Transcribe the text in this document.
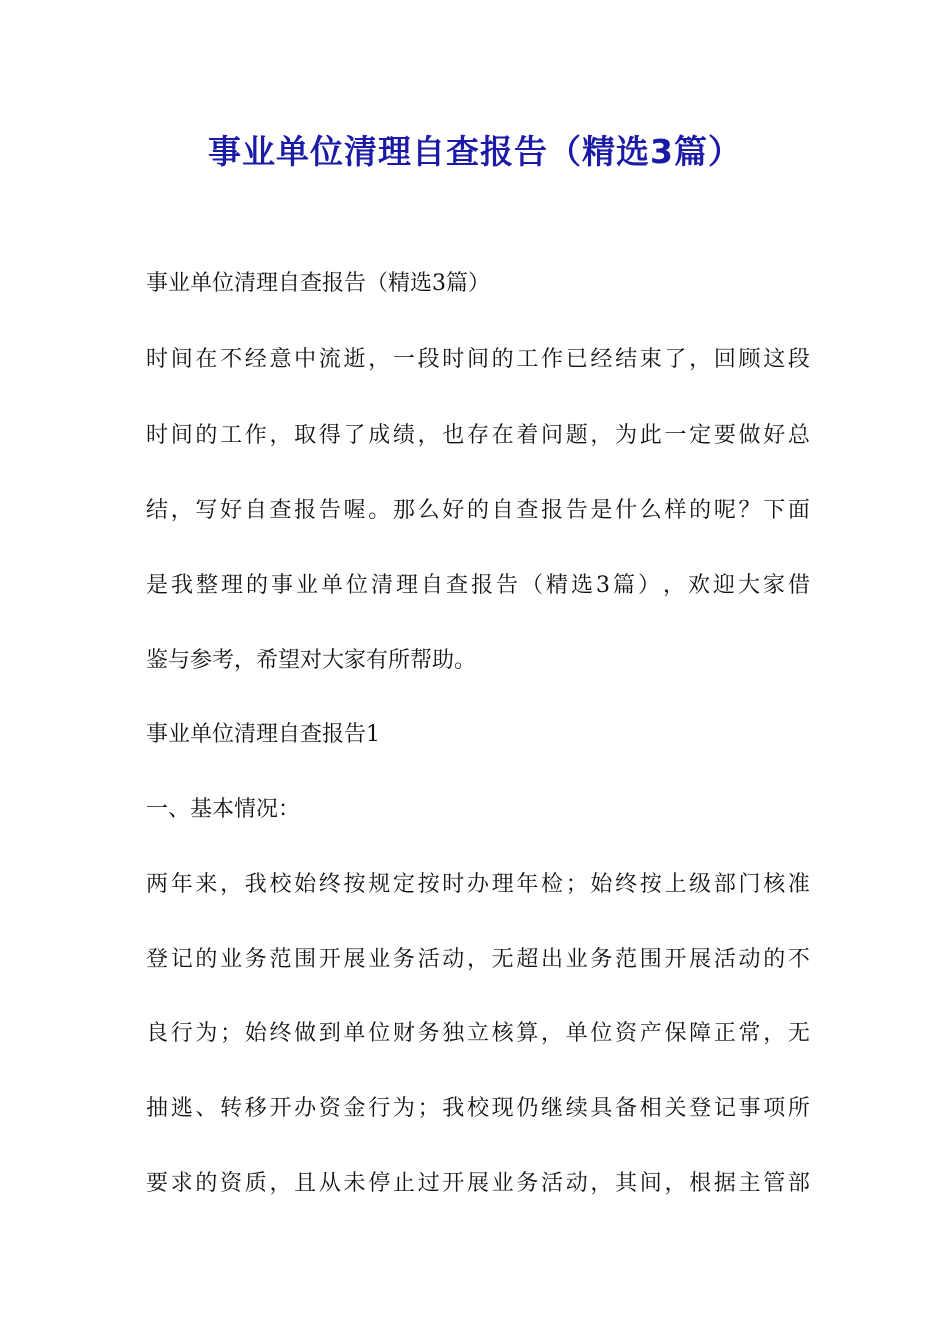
事业单位清理自查报告（精选3篇）
事业单位清理自查报告（精选3篇）
时 间 在 不 经 意 中 流 逝 ， 一 段 时 间 的 工 作 已 经 结 束 了 ， 回 顾 这 段
时 间 的 工 作 ， 取 得 了 成 绩 ， 也 存 在 着 问 题 ， 为 此 一 定 要 做 好 总
结 ， 写 好 自 查 报 告 喔 。 那 么 好 的 自 查 报 告 是 什 么 样 的 呢 ？ 下 面
是 我 整 理 的 事 业 单 位 清 理 自 查 报 告 （ 精 选 3 篇 ） ， 欢 迎 大 家 借
鉴与参考，希望对大家有所帮助。
事业单位清理自查报告1
一、基本情况：
两 年 来 ， 我 校 始 终 按 规 定 按 时 办 理 年 检 ； 始 终 按 上 级 部 门 核 准
登 记 的 业 务 范 围 开 展 业 务 活 动 ， 无 超 出 业 务 范 围 开 展 活 动 的 不
良 行 为 ； 始 终 做 到 单 位 财 务 独 立 核 算 ， 单 位 资 产 保 障 正 常 ， 无
抽 逃 、 转 移 开 办 资 金 行 为 ； 我 校 现 仍 继 续 具 备 相 关 登 记 事 项 所
要 求 的 资 质 ， 且 从 未 停 止 过 开 展 业 务 活 动 ， 其 间 ， 根 据 主 管 部
